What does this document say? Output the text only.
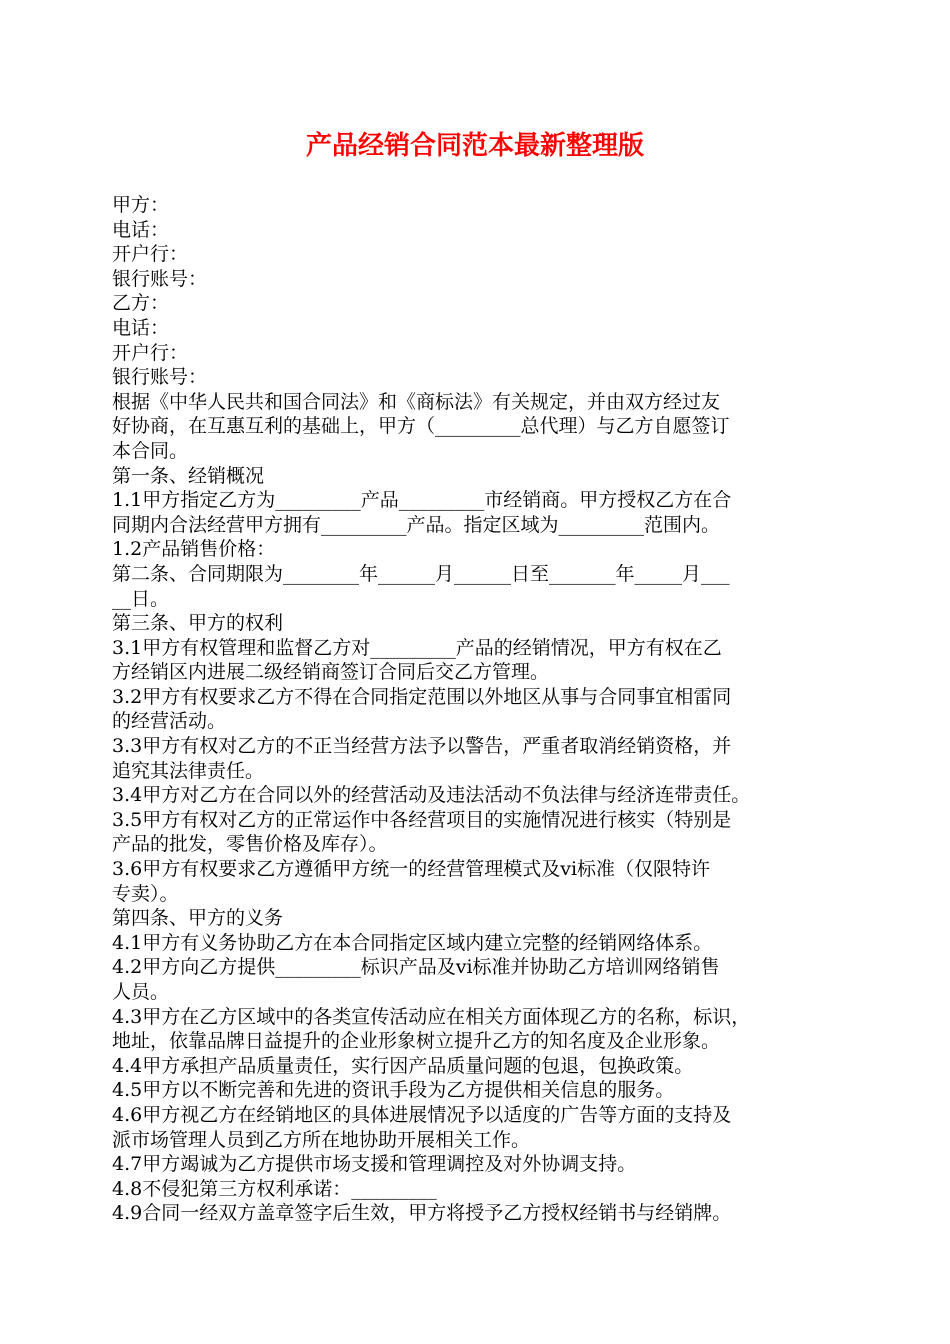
产品经销合同范本最新整理版
甲方：
电话：
开户行：
银行账号：
乙方：
电话：
开户行：
银行账号：
根据《中华人民共和国合同法》和《商标法》有关规定，并由双方经过友
好协商，在互惠互利的基础上，甲方（_________总代理）与乙方自愿签订
本合同。
第一条、经销概况
1.1甲方指定乙方为_________产品_________市经销商。甲方授权乙方在合
同期内合法经营甲方拥有_________产品。指定区域为_________范围内。
1.2产品销售价格：
第二条、合同期限为________年______月______日至_______年_____月___
__日。
第三条、甲方的权利
3.1甲方有权管理和监督乙方对_________产品的经销情况，甲方有权在乙
方经销区内进展二级经销商签订合同后交乙方管理。
3.2甲方有权要求乙方不得在合同指定范围以外地区从事与合同事宜相雷同
的经营活动。
3.3甲方有权对乙方的不正当经营方法予以警告，严重者取消经销资格，并
追究其法律责任。
3.4甲方对乙方在合同以外的经营活动及违法活动不负法律与经济连带责任。
3.5甲方有权对乙方的正常运作中各经营项目的实施情况进行核实（特别是
产品的批发，零售价格及库存）。
3.6甲方有权要求乙方遵循甲方统一的经营管理模式及vi标准（仅限特许
专卖）。
第四条、甲方的义务
4.1甲方有义务协助乙方在本合同指定区域内建立完整的经销网络体系。
4.2甲方向乙方提供_________标识产品及vi标准并协助乙方培训网络销售
人员。
4.3甲方在乙方区域中的各类宣传活动应在相关方面体现乙方的名称，标识，
地址，依靠品牌日益提升的企业形象树立提升乙方的知名度及企业形象。
4.4甲方承担产品质量责任，实行因产品质量问题的包退，包换政策。
4.5甲方以不断完善和先进的资讯手段为乙方提供相关信息的服务。
4.6甲方视乙方在经销地区的具体进展情况予以适度的广告等方面的支持及
派市场管理人员到乙方所在地协助开展相关工作。
4.7甲方竭诚为乙方提供市场支援和管理调控及对外协调支持。
4.8不侵犯第三方权利承诺：_________
4.9合同一经双方盖章签字后生效，甲方将授予乙方授权经销书与经销牌。
